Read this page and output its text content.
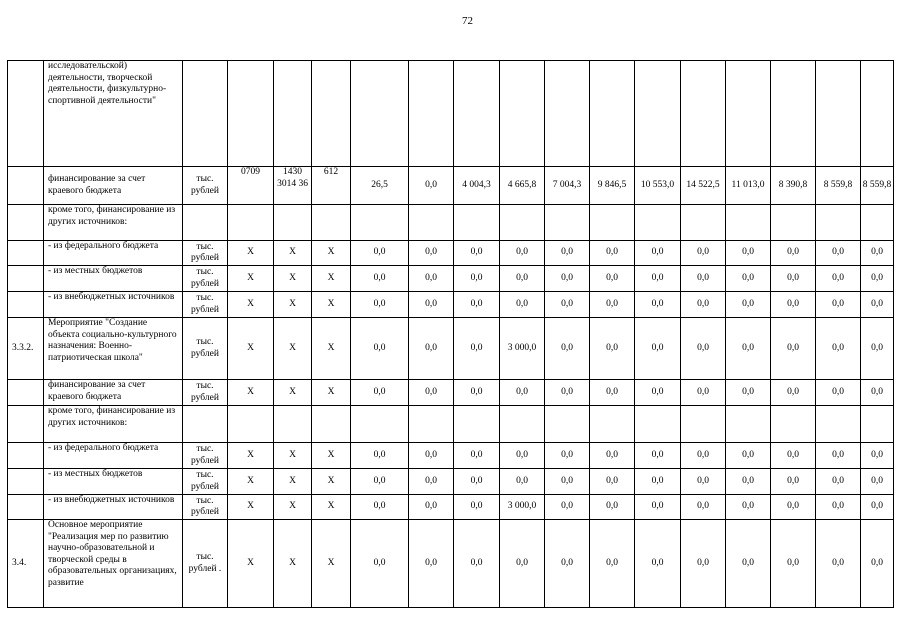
72
	исследовательской) деятельности, творческой деятельности, физкультурно-спортивной деятельности"																
	финансирование за счет краевого бюджета	тыс. рублей	0709	1430 3014 36	612	26,5	0,0	4 004,3	4 665,8	7 004,3	9 846,5	10 553,0	14 522,5	11 013,0	8 390,8	8 559,8	8 559,8
	кроме того, финансирование из других источников:																
	- из федерального бюджета	тыс. рублей	Х	Х	Х	0,0	0,0	0,0	0,0	0,0	0,0	0,0	0,0	0,0	0,0	0,0	0,0
	- из местных бюджетов	тыс. рублей	Х	Х	Х	0,0	0,0	0,0	0,0	0,0	0,0	0,0	0,0	0,0	0,0	0,0	0,0
	- из внебюджетных источников	тыс. рублей	Х	Х	Х	0,0	0,0	0,0	0,0	0,0	0,0	0,0	0,0	0,0	0,0	0,0	0,0
3.3.2.	Мероприятие "Создание объекта социально-культурного назначения: Военно-патриотическая школа"	тыс. рублей	Х	Х	Х	0,0	0,0	0,0	3 000,0	0,0	0,0	0,0	0,0	0,0	0,0	0,0	0,0
	финансирование за счет краевого бюджета	тыс. рублей	Х	Х	Х	0,0	0,0	0,0	0,0	0,0	0,0	0,0	0,0	0,0	0,0	0,0	0,0
	кроме того, финансирование из других источников:																
	- из федерального бюджета	тыс. рублей	Х	Х	Х	0,0	0,0	0,0	0,0	0,0	0,0	0,0	0,0	0,0	0,0	0,0	0,0
	- из местных бюджетов	тыс. рублей	Х	Х	Х	0,0	0,0	0,0	0,0	0,0	0,0	0,0	0,0	0,0	0,0	0,0	0,0
	- из внебюджетных источников	тыс. рублей	Х	Х	Х	0,0	0,0	0,0	3 000,0	0,0	0,0	0,0	0,0	0,0	0,0	0,0	0,0
3.4.	Основное мероприятие "Реализация мер по развитию научно-образовательной и творческой среды в образовательных организациях, развитие	тыс. рублей .	Х	Х	Х	0,0	0,0	0,0	0,0	0,0	0,0	0,0	0,0	0,0	0,0	0,0	0,0
